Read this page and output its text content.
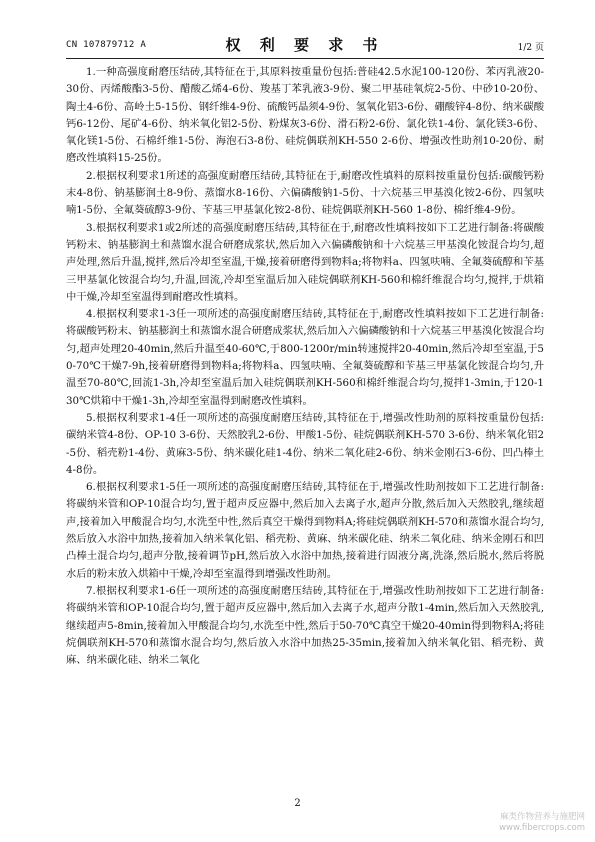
CN 107879712 A	权 利 要 求 书	1/2 页

1.一种高强度耐磨压结砖,其特征在于,其原料按重量份包括:普硅42.5水泥100-120份、苯丙乳液20-30份、丙烯酸酯3-5份、醋酸乙烯4-6份、羧基丁苯乳液3-9份、聚二甲基硅氧烷2-5份、中砂10-20份、陶土4-6份、高岭土5-15份、钢纤维4-9份、硫酸钙晶须4-9份、氢氧化铝3-6份、硼酸锌4-8份、纳米碳酸钙6-12份、尾矿4-6份、纳米氧化铝2-5份、粉煤灰3-6份、滑石粉2-6份、氯化铁1-4份、氯化镁3-6份、氧化镁1-5份、石棉纤维1-5份、海泡石3-8份、硅烷偶联剂KH-550 2-6份、增强改性助剂10-20份、耐磨改性填料15-25份。

2.根据权利要求1所述的高强度耐磨压结砖,其特征在于,耐磨改性填料的原料按重量份包括:碳酸钙粉末4-8份、钠基膨润土8-9份、蒸馏水8-16份、六偏磷酸钠1-5份、十六烷基三甲基溴化铵2-6份、四氢呋喃1-5份、全氟葵硫醇3-9份、苄基三甲基氯化铵2-8份、硅烷偶联剂KH-560 1-8份、棉纤维4-9份。

3.根据权利要求1或2所述的高强度耐磨压结砖,其特征在于,耐磨改性填料按如下工艺进行制备:将碳酸钙粉末、钠基膨润土和蒸馏水混合研磨成浆状,然后加入六偏磷酸钠和十六烷基三甲基溴化铵混合均匀,超声处理,然后升温,搅拌,然后冷却至室温,干燥,接着研磨得到物料a;将物料a、四氢呋喃、全氟葵硫醇和苄基三甲基氯化铵混合均匀,升温,回流,冷却至室温后加入硅烷偶联剂KH-560和棉纤维混合均匀,搅拌,于烘箱中干燥,冷却至室温得到耐磨改性填料。

4.根据权利要求1-3任一项所述的高强度耐磨压结砖,其特征在于,耐磨改性填料按如下工艺进行制备:将碳酸钙粉末、钠基膨润土和蒸馏水混合研磨成浆状,然后加入六偏磷酸钠和十六烷基三甲基溴化铵混合均匀,超声处理20-40min,然后升温至40-60℃,于800-1200r/min转速搅拌20-40min,然后冷却至室温,于50-70℃干燥7-9h,接着研磨得到物料a;将物料a、四氢呋喃、全氟葵硫醇和苄基三甲基氯化铵混合均匀,升温至70-80℃,回流1-3h,冷却至室温后加入硅烷偶联剂KH-560和棉纤维混合均匀,搅拌1-3min,于120-130℃烘箱中干燥1-3h,冷却至室温得到耐磨改性填料。

5.根据权利要求1-4任一项所述的高强度耐磨压结砖,其特征在于,增强改性助剂的原料按重量份包括:碳纳米管4-8份、OP-10 3-6份、天然胶乳2-6份、甲酸1-5份、硅烷偶联剂KH-570 3-6份、纳米氧化铝2-5份、稻壳粉1-4份、黄麻3-5份、纳米碳化硅1-4份、纳米二氧化硅2-6份、纳米金刚石3-6份、凹凸棒土4-8份。

6.根据权利要求1-5任一项所述的高强度耐磨压结砖,其特征在于,增强改性助剂按如下工艺进行制备:将碳纳米管和OP-10混合均匀,置于超声反应器中,然后加入去离子水,超声分散,然后加入天然胶乳,继续超声,接着加入甲酸混合均匀,水洗至中性,然后真空干燥得到物料A;将硅烷偶联剂KH-570和蒸馏水混合均匀,然后放入水浴中加热,接着加入纳米氧化铝、稻壳粉、黄麻、纳米碳化硅、纳米二氧化硅、纳米金刚石和凹凸棒土混合均匀,超声分散,接着调节pH,然后放入水浴中加热,接着进行固液分离,洗涤,然后脱水,然后将脱水后的粉末放入烘箱中干燥,冷却至室温得到增强改性助剂。

7.根据权利要求1-6任一项所述的高强度耐磨压结砖,其特征在于,增强改性助剂按如下工艺进行制备:将碳纳米管和OP-10混合均匀,置于超声反应器中,然后加入去离子水,超声分散1-4min,然后加入天然胶乳,继续超声5-8min,接着加入甲酸混合均匀,水洗至中性,然后于50-70℃真空干燥20-40min得到物料A;将硅烷偶联剂KH-570和蒸馏水混合均匀,然后放入水浴中加热25-35min,接着加入纳米氧化铝、稻壳粉、黄麻、纳米碳化硅、纳米二氧化

2
麻类作物营养与施肥网
www.fibercrops.com
